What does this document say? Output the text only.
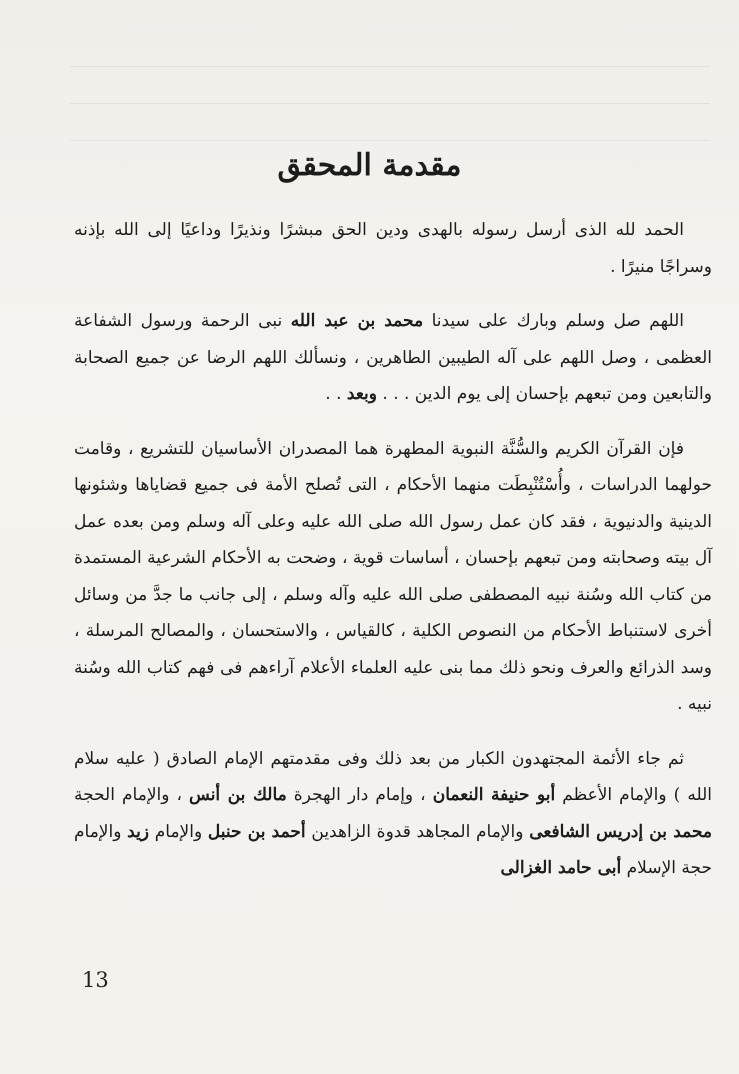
مقدمة المحقق

الحمد لله الذى أرسل رسوله بالهدى ودين الحق مبشرًا ونذيرًا وداعيًا إلى الله بإذنه وسراجًا منيرًا .

اللهم صل وسلم وبارك على سيدنا محمد بن عبد الله نبى الرحمة ورسول الشفاعة العظمى ، وصل اللهم على آله الطيبين الطاهرين ، ونسألك اللهم الرضا عن جميع الصحابة والتابعين ومن تبعهم بإحسان إلى يوم الدين . . . وبعد . .

فإن القرآن الكريم والسُّنَّة النبوية المطهرة هما المصدران الأساسيان للتشريع ، وقامت حولهما الدراسات ، وأُسْتُنْبِطَت منهما الأحكام ، التى تُصلح الأمة فى جميع قضاياها وشئونها الدينية والدنيوية ، فقد كان عمل رسول الله صلى الله عليه وعلى آله وسلم ومن بعده عمل آل بيته وصحابته ومن تبعهم بإحسان ، أساسات قوية ، وضحت به الأحكام الشرعية المستمدة من كتاب الله وسُنة نبيه المصطفى صلى الله عليه وآله وسلم ، إلى جانب ما جدَّ من وسائل أخرى لاستنباط الأحكام من النصوص الكلية ، كالقياس ، والاستحسان ، والمصالح المرسلة ، وسد الذرائع والعرف ونحو ذلك مما بنى عليه العلماء الأعلام آراءهم فى فهم كتاب الله وسُنة نبيه .

ثم جاء الأئمة المجتهدون الكبار من بعد ذلك وفى مقدمتهم الإمام الصادق ( عليه سلام الله ) والإمام الأعظم أبو حنيفة النعمان ، وإمام دار الهجرة مالك بن أنس ، والإمام الحجة محمد بن إدريس الشافعى والإمام المجاهد قدوة الزاهدين أحمد بن حنبل والإمام زيد والإمام حجة الإسلام أبى حامد الغزالى

13
